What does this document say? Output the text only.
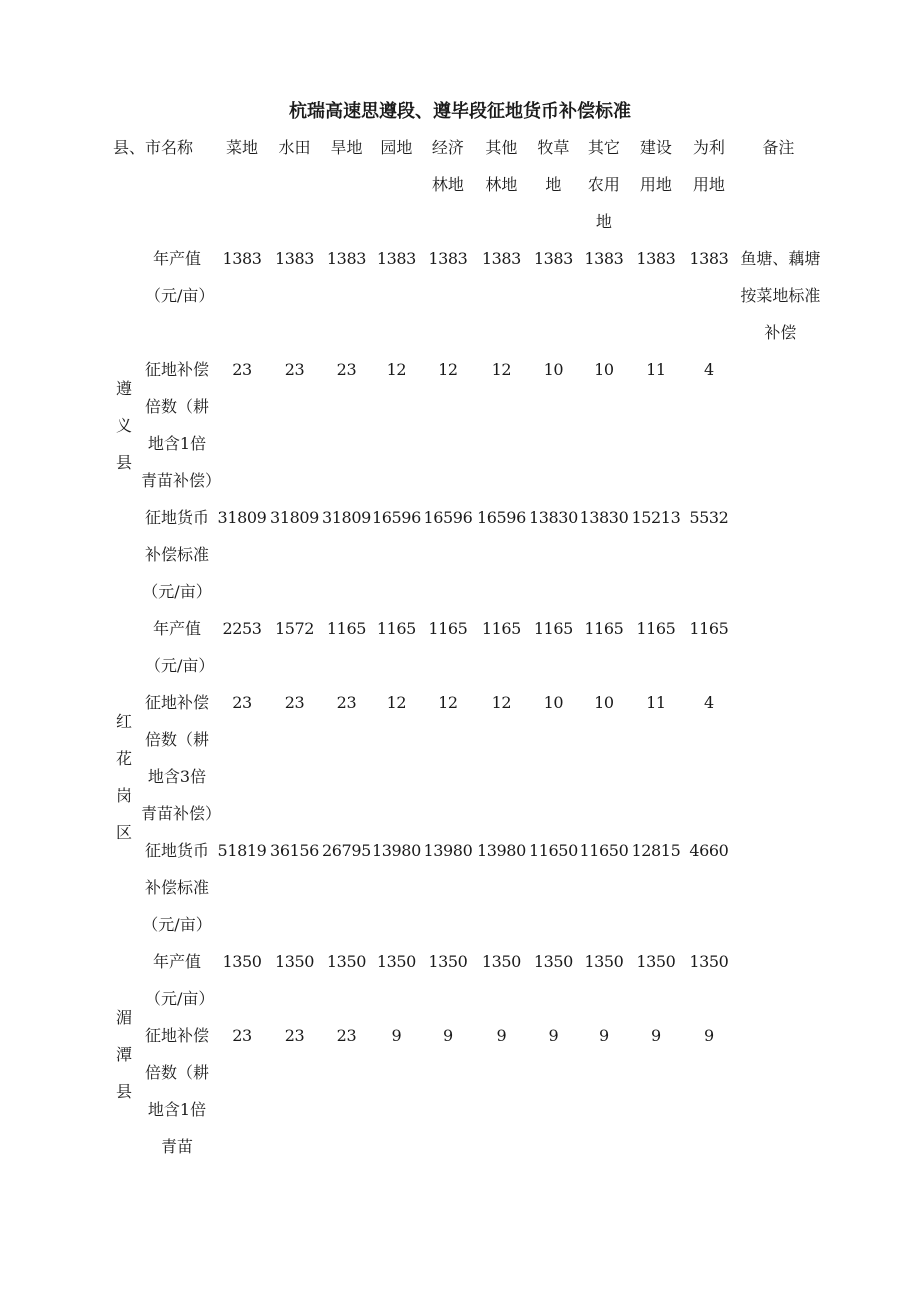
杭瑞高速思遵段、遵毕段征地货币补偿标准
县、市名称		菜地	水田	旱地	园地	经济林地	其他林地	牧草地	其它农用地	建设用地	为利用地	备注

遵义县	年产值（元/亩）	1383	1383	1383	1383	1383	1383	1383	1383	1383	1383	鱼塘、藕塘按菜地标准补偿

	征地补偿倍数（耕地含1倍青苗补偿）	23	23	23	12	12	12	10	10	11	4	

	征地货币补偿标准（元/亩）	31809	31809	31809	16596	16596	16596	13830	13830	15213	5532	

红花岗区	年产值（元/亩）	2253	1572	1165	1165	1165	1165	1165	1165	1165	1165	

	征地补偿倍数（耕地含3倍青苗补偿）	23	23	23	12	12	12	10	10	11	4	

	征地货币补偿标准（元/亩）	51819	36156	26795	13980	13980	13980	11650	11650	12815	4660	

湄潭县	年产值（元/亩）	1350	1350	1350	1350	1350	1350	1350	1350	1350	1350	

	征地补偿倍数（耕地含1倍青苗	23	23	23	9	9	9	9	9	9	9	
